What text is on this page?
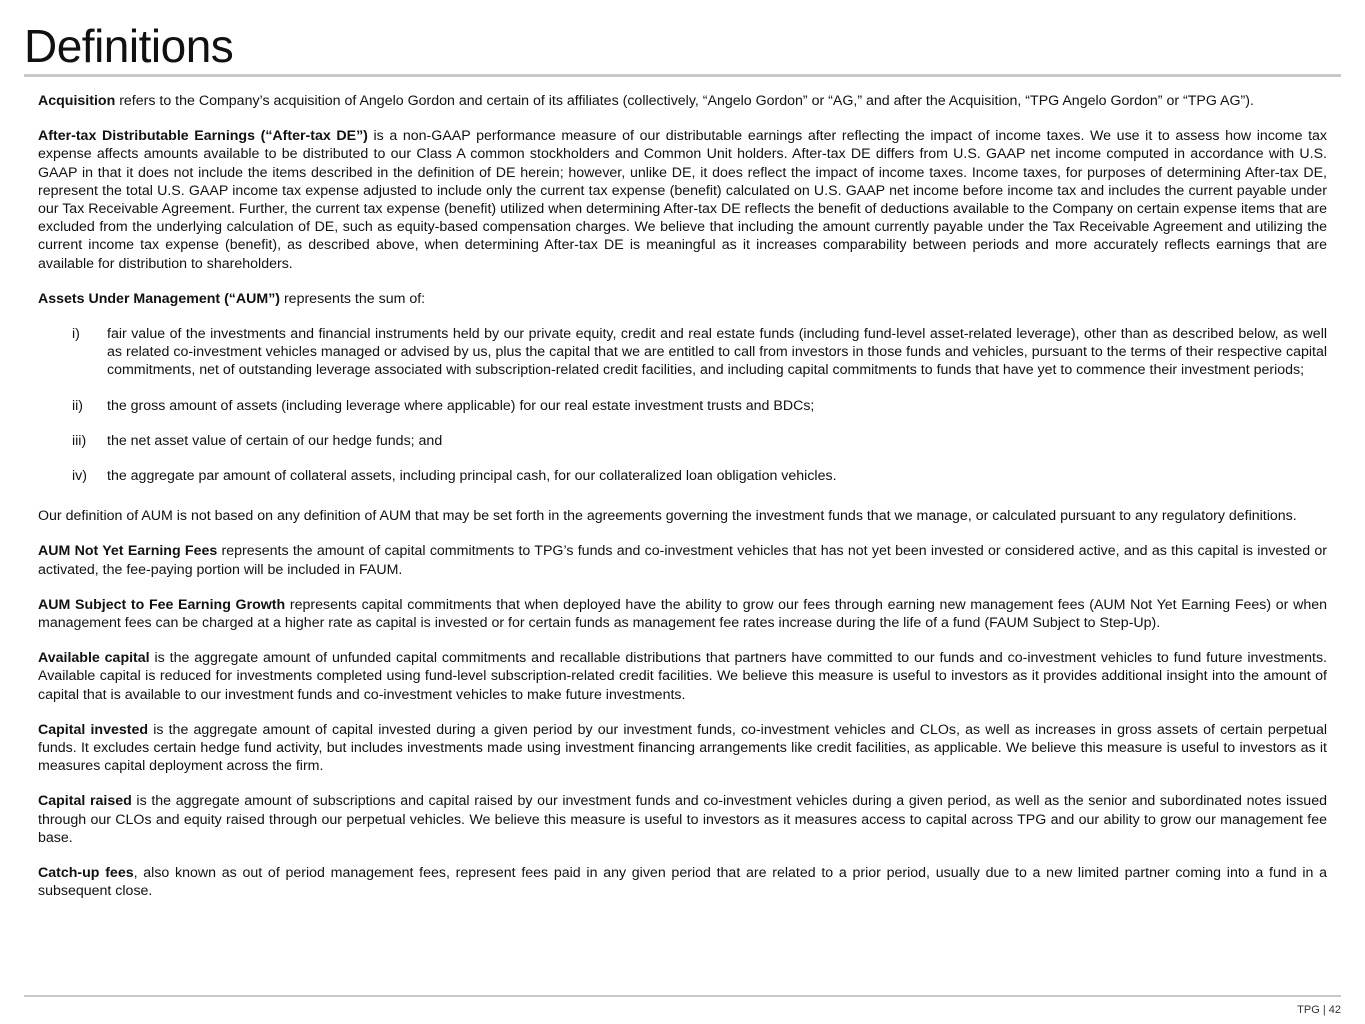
Definitions

Acquisition refers to the Company’s acquisition of Angelo Gordon and certain of its affiliates (collectively, “Angelo Gordon” or “AG,” and after the Acquisition, “TPG Angelo Gordon” or “TPG AG”).

After-tax Distributable Earnings (“After-tax DE”) is a non-GAAP performance measure of our distributable earnings after reflecting the impact of income taxes. We use it to assess how income tax expense affects amounts available to be distributed to our Class A common stockholders and Common Unit holders. After-tax DE differs from U.S. GAAP net income computed in accordance with U.S. GAAP in that it does not include the items described in the definition of DE herein; however, unlike DE, it does reflect the impact of income taxes. Income taxes, for purposes of determining After-tax DE, represent the total U.S. GAAP income tax expense adjusted to include only the current tax expense (benefit) calculated on U.S. GAAP net income before income tax and includes the current payable under our Tax Receivable Agreement. Further, the current tax expense (benefit) utilized when determining After-tax DE reflects the benefit of deductions available to the Company on certain expense items that are excluded from the underlying calculation of DE, such as equity-based compensation charges. We believe that including the amount currently payable under the Tax Receivable Agreement and utilizing the current income tax expense (benefit), as described above, when determining After-tax DE is meaningful as it increases comparability between periods and more accurately reflects earnings that are available for distribution to shareholders.

Assets Under Management (“AUM”) represents the sum of:

i)	fair value of the investments and financial instruments held by our private equity, credit and real estate funds (including fund-level asset-related leverage), other than as described below, as well as related co-investment vehicles managed or advised by us, plus the capital that we are entitled to call from investors in those funds and vehicles, pursuant to the terms of their respective capital commitments, net of outstanding leverage associated with subscription-related credit facilities, and including capital commitments to funds that have yet to commence their investment periods;
ii)	the gross amount of assets (including leverage where applicable) for our real estate investment trusts and BDCs;
iii)	the net asset value of certain of our hedge funds; and
iv)	the aggregate par amount of collateral assets, including principal cash, for our collateralized loan obligation vehicles.

Our definition of AUM is not based on any definition of AUM that may be set forth in the agreements governing the investment funds that we manage, or calculated pursuant to any regulatory definitions.

AUM Not Yet Earning Fees represents the amount of capital commitments to TPG’s funds and co-investment vehicles that has not yet been invested or considered active, and as this capital is invested or activated, the fee-paying portion will be included in FAUM.

AUM Subject to Fee Earning Growth represents capital commitments that when deployed have the ability to grow our fees through earning new management fees (AUM Not Yet Earning Fees) or when management fees can be charged at a higher rate as capital is invested or for certain funds as management fee rates increase during the life of a fund (FAUM Subject to Step-Up).

Available capital is the aggregate amount of unfunded capital commitments and recallable distributions that partners have committed to our funds and co-investment vehicles to fund future investments. Available capital is reduced for investments completed using fund-level subscription-related credit facilities. We believe this measure is useful to investors as it provides additional insight into the amount of capital that is available to our investment funds and co-investment vehicles to make future investments.

Capital invested is the aggregate amount of capital invested during a given period by our investment funds, co-investment vehicles and CLOs, as well as increases in gross assets of certain perpetual funds. It excludes certain hedge fund activity, but includes investments made using investment financing arrangements like credit facilities, as applicable. We believe this measure is useful to investors as it measures capital deployment across the firm.

Capital raised is the aggregate amount of subscriptions and capital raised by our investment funds and co-investment vehicles during a given period, as well as the senior and subordinated notes issued through our CLOs and equity raised through our perpetual vehicles. We believe this measure is useful to investors as it measures access to capital across TPG and our ability to grow our management fee base.

Catch-up fees, also known as out of period management fees, represent fees paid in any given period that are related to a prior period, usually due to a new limited partner coming into a fund in a subsequent close.

TPG | 42
